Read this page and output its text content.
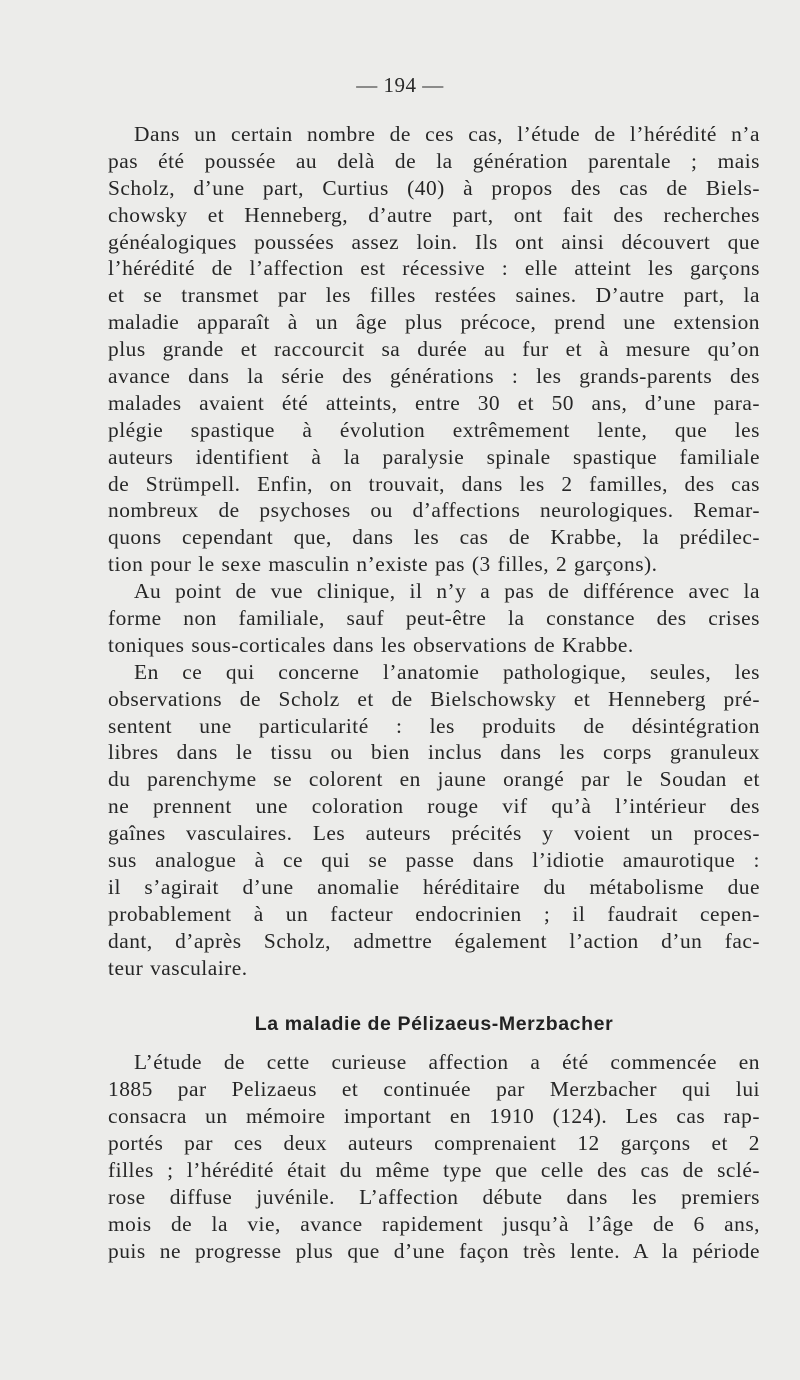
— 194 —
Dans un certain nombre de ces cas, l’étude de l’hérédité n’a
pas été poussée au delà de la génération parentale ; mais
Scholz, d’une part, Curtius (40) à propos des cas de Biels-
chowsky et Henneberg, d’autre part, ont fait des recherches
généalogiques poussées assez loin. Ils ont ainsi découvert que
l’hérédité de l’affection est récessive : elle atteint les garçons
et se transmet par les filles restées saines. D’autre part, la
maladie apparaît à un âge plus précoce, prend une extension
plus grande et raccourcit sa durée au fur et à mesure qu’on
avance dans la série des générations : les grands-parents des
malades avaient été atteints, entre 30 et 50 ans, d’une para-
plégie spastique à évolution extrêmement lente, que les
auteurs identifient à la paralysie spinale spastique familiale
de Strümpell. Enfin, on trouvait, dans les 2 familles, des cas
nombreux de psychoses ou d’affections neurologiques. Remar-
quons cependant que, dans les cas de Krabbe, la prédilec-
tion pour le sexe masculin n’existe pas (3 filles, 2 garçons).
Au point de vue clinique, il n’y a pas de différence avec la
forme non familiale, sauf peut-être la constance des crises
toniques sous-corticales dans les observations de Krabbe.
En ce qui concerne l’anatomie pathologique, seules, les
observations de Scholz et de Bielschowsky et Henneberg pré-
sentent une particularité : les produits de désintégration
libres dans le tissu ou bien inclus dans les corps granuleux
du parenchyme se colorent en jaune orangé par le Soudan et
ne prennent une coloration rouge vif qu’à l’intérieur des
gaînes vasculaires. Les auteurs précités y voient un proces-
sus analogue à ce qui se passe dans l’idiotie amaurotique :
il s’agirait d’une anomalie héréditaire du métabolisme due
probablement à un facteur endocrinien ; il faudrait cepen-
dant, d’après Scholz, admettre également l’action d’un fac-
teur vasculaire.
La maladie de Pélizaeus-Merzbacher
L’étude de cette curieuse affection a été commencée en
1885 par Pelizaeus et continuée par Merzbacher qui lui
consacra un mémoire important en 1910 (124). Les cas rap-
portés par ces deux auteurs comprenaient 12 garçons et 2
filles ; l’hérédité était du même type que celle des cas de sclé-
rose diffuse juvénile. L’affection débute dans les premiers
mois de la vie, avance rapidement jusqu’à l’âge de 6 ans,
puis ne progresse plus que d’une façon très lente. A la période
